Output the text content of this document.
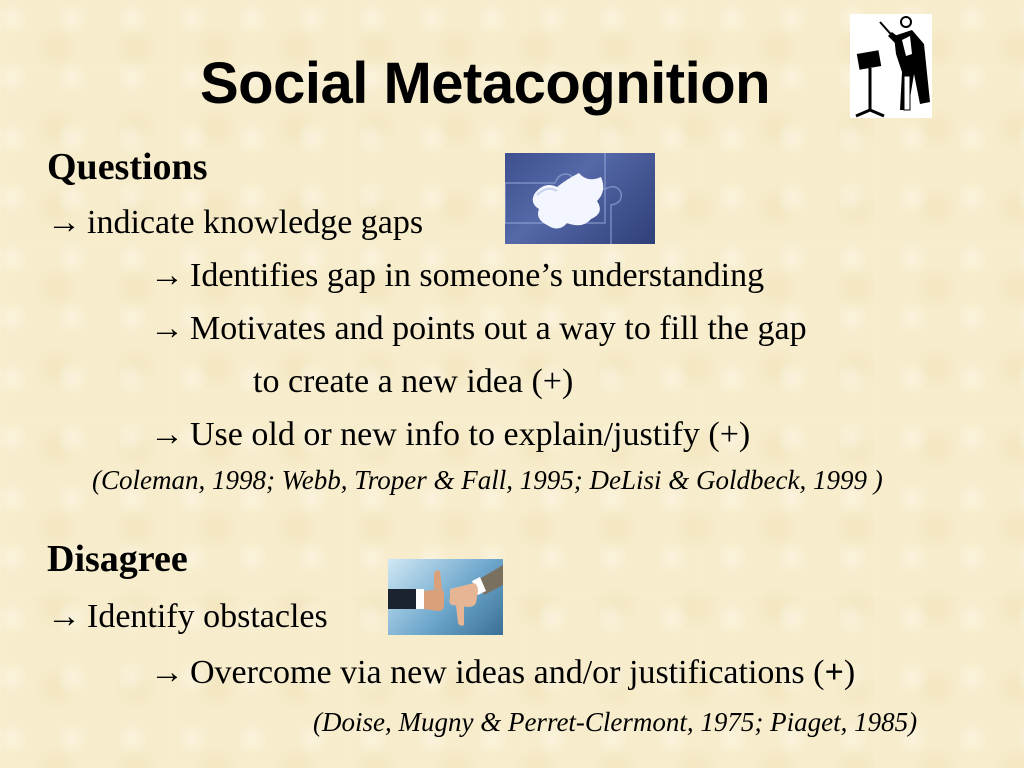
Social Metacognition
Questions
→ indicate knowledge gaps
→ Identifies gap in someone’s understanding
→ Motivates and points out a way to fill the gap
to create a new idea (+)
→ Use old or new info to explain/justify (+)
(Coleman, 1998; Webb, Troper & Fall, 1995; DeLisi & Goldbeck, 1999 )
Disagree
→ Identify obstacles
→ Overcome via new ideas and/or justifications (+)
(Doise, Mugny & Perret-Clermont, 1975; Piaget, 1985)
